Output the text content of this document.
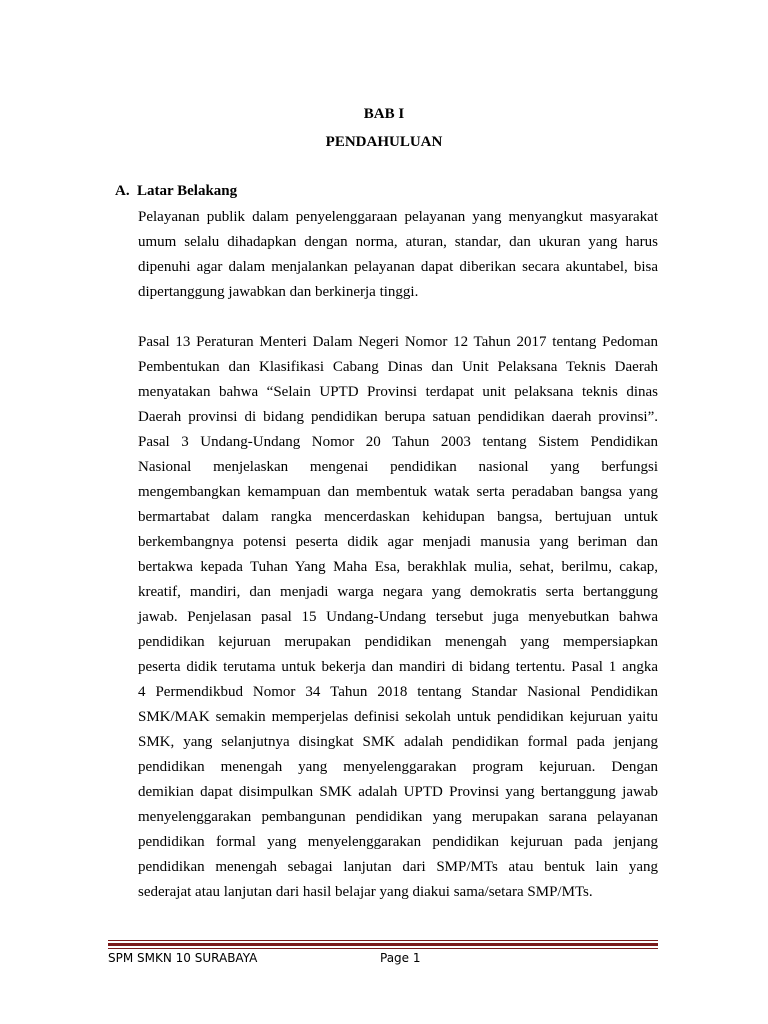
BAB I
PENDAHULUAN
A. Latar Belakang
Pelayanan publik dalam penyelenggaraan pelayanan yang menyangkut masyarakat
umum selalu dihadapkan dengan norma, aturan, standar, dan ukuran yang harus
dipenuhi agar dalam menjalankan pelayanan dapat diberikan secara akuntabel, bisa
dipertanggung jawabkan dan berkinerja tinggi.
Pasal 13 Peraturan Menteri Dalam Negeri Nomor 12 Tahun 2017 tentang Pedoman
Pembentukan dan Klasifikasi Cabang Dinas dan Unit Pelaksana Teknis Daerah
menyatakan bahwa “Selain UPTD Provinsi terdapat unit pelaksana teknis dinas
Daerah provinsi di bidang pendidikan berupa satuan pendidikan daerah provinsi”.
Pasal 3 Undang-Undang Nomor 20 Tahun 2003 tentang Sistem Pendidikan
Nasional menjelaskan mengenai pendidikan nasional yang berfungsi
mengembangkan kemampuan dan membentuk watak serta peradaban bangsa yang
bermartabat dalam rangka mencerdaskan kehidupan bangsa, bertujuan untuk
berkembangnya potensi peserta didik agar menjadi manusia yang beriman dan
bertakwa kepada Tuhan Yang Maha Esa, berakhlak mulia, sehat, berilmu, cakap,
kreatif, mandiri, dan menjadi warga negara yang demokratis serta bertanggung
jawab. Penjelasan pasal 15 Undang-Undang tersebut juga menyebutkan bahwa
pendidikan kejuruan merupakan pendidikan menengah yang mempersiapkan
peserta didik terutama untuk bekerja dan mandiri di bidang tertentu. Pasal 1 angka
4 Permendikbud Nomor 34 Tahun 2018 tentang Standar Nasional Pendidikan
SMK/MAK semakin memperjelas definisi sekolah untuk pendidikan kejuruan yaitu
SMK, yang selanjutnya disingkat SMK adalah pendidikan formal pada jenjang
pendidikan menengah yang menyelenggarakan program kejuruan. Dengan
demikian dapat disimpulkan SMK adalah UPTD Provinsi yang bertanggung jawab
menyelenggarakan pembangunan pendidikan yang merupakan sarana pelayanan
pendidikan formal yang menyelenggarakan pendidikan kejuruan pada jenjang
pendidikan menengah sebagai lanjutan dari SMP/MTs atau bentuk lain yang
sederajat atau lanjutan dari hasil belajar yang diakui sama/setara SMP/MTs.
SPM SMKN 10 SURABAYA	Page 1
